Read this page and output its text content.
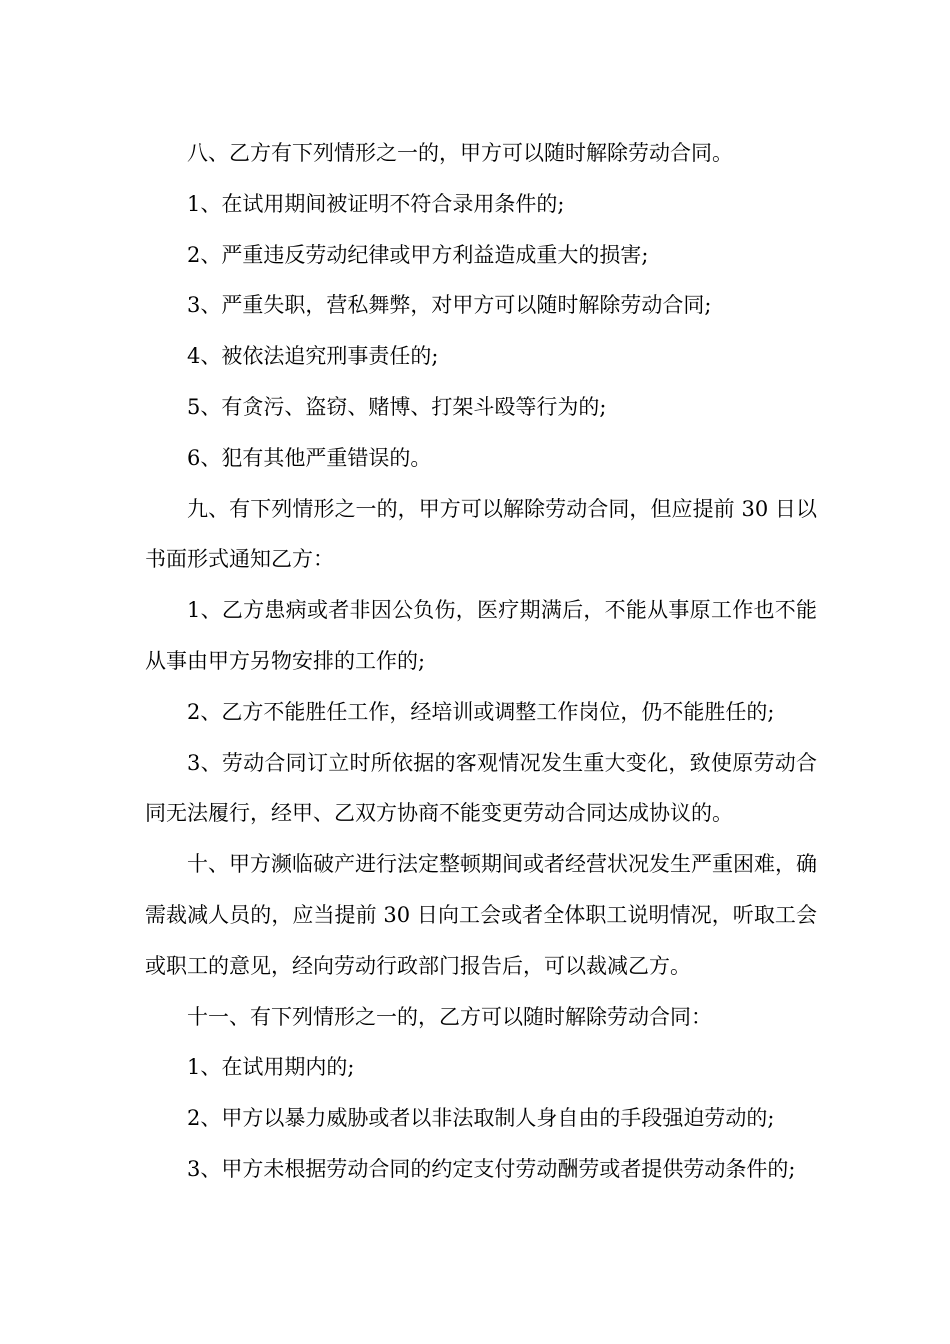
八、乙方有下列情形之一的，甲方可以随时解除劳动合同。

1、在试用期间被证明不符合录用条件的;

2、严重违反劳动纪律或甲方利益造成重大的损害;

3、严重失职，营私舞弊，对甲方可以随时解除劳动合同;

4、被依法追究刑事责任的;

5、有贪污、盗窃、赌博、打架斗殴等行为的;

6、犯有其他严重错误的。

九、有下列情形之一的，甲方可以解除劳动合同，但应提前 30 日以书面形式通知乙方：

1、乙方患病或者非因公负伤，医疗期满后，不能从事原工作也不能从事由甲方另物安排的工作的;

2、乙方不能胜任工作，经培训或调整工作岗位，仍不能胜任的;

3、劳动合同订立时所依据的客观情况发生重大变化，致使原劳动合同无法履行，经甲、乙双方协商不能变更劳动合同达成协议的。

十、甲方濒临破产进行法定整顿期间或者经营状况发生严重困难，确需裁减人员的，应当提前 30 日向工会或者全体职工说明情况，听取工会或职工的意见，经向劳动行政部门报告后，可以裁减乙方。

十一、有下列情形之一的，乙方可以随时解除劳动合同：

1、在试用期内的;

2、甲方以暴力威胁或者以非法取制人身自由的手段强迫劳动的;

3、甲方未根据劳动合同的约定支付劳动酬劳或者提供劳动条件的;
